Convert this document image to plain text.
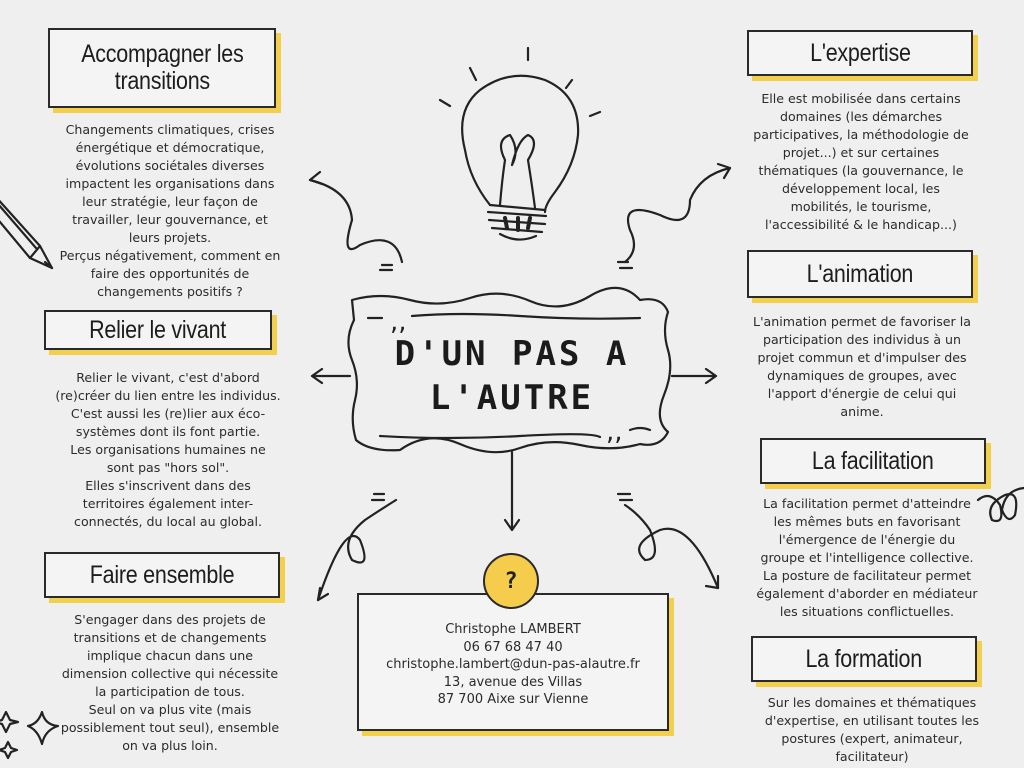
,,
,,
Accompagner les
transitions
Changements climatiques, crises
énergétique et démocratique,
évolutions sociétales diverses
impactent les organisations dans
leur stratégie, leur façon de
travailler, leur gouvernance, et
leurs projets.
Perçus négativement, comment en
faire des opportunités de
changements positifs ?
Relier le vivant
Relier le vivant, c'est d'abord
(re)créer du lien entre les individus.
C'est aussi les (re)lier aux éco-
systèmes dont ils font partie.
Les organisations humaines ne
sont pas "hors sol".
Elles s'inscrivent dans des
territoires également inter-
connectés, du local au global.
Faire ensemble
S'engager dans des projets de
transitions et de changements
implique chacun dans une
dimension collective qui nécessite
la participation de tous.
Seul on va plus vite (mais
possiblement tout seul), ensemble
on va plus loin.
D'UN PAS A
L'AUTRE
Christophe LAMBERT
06 67 68 47 40
christophe.lambert@dun-pas-alautre.fr
13, avenue des Villas
87 700 Aixe sur Vienne
?
L'expertise
Elle est mobilisée dans certains
domaines (les démarches
participatives, la méthodologie de
projet...) et sur certaines
thématiques (la gouvernance, le
développement local, les
mobilités, le tourisme,
l'accessibilité & le handicap...)
L'animation
L'animation permet de favoriser la
participation des individus à un
projet commun et d'impulser des
dynamiques de groupes, avec
l'apport d'énergie de celui qui
anime.
La facilitation
La facilitation permet d'atteindre
les mêmes buts en favorisant
l'émergence de l'énergie du
groupe et l'intelligence collective.
La posture de facilitateur permet
également d'aborder en médiateur
les situations conflictuelles.
La formation
Sur les domaines et thématiques
d'expertise, en utilisant toutes les
postures (expert, animateur,
facilitateur)
